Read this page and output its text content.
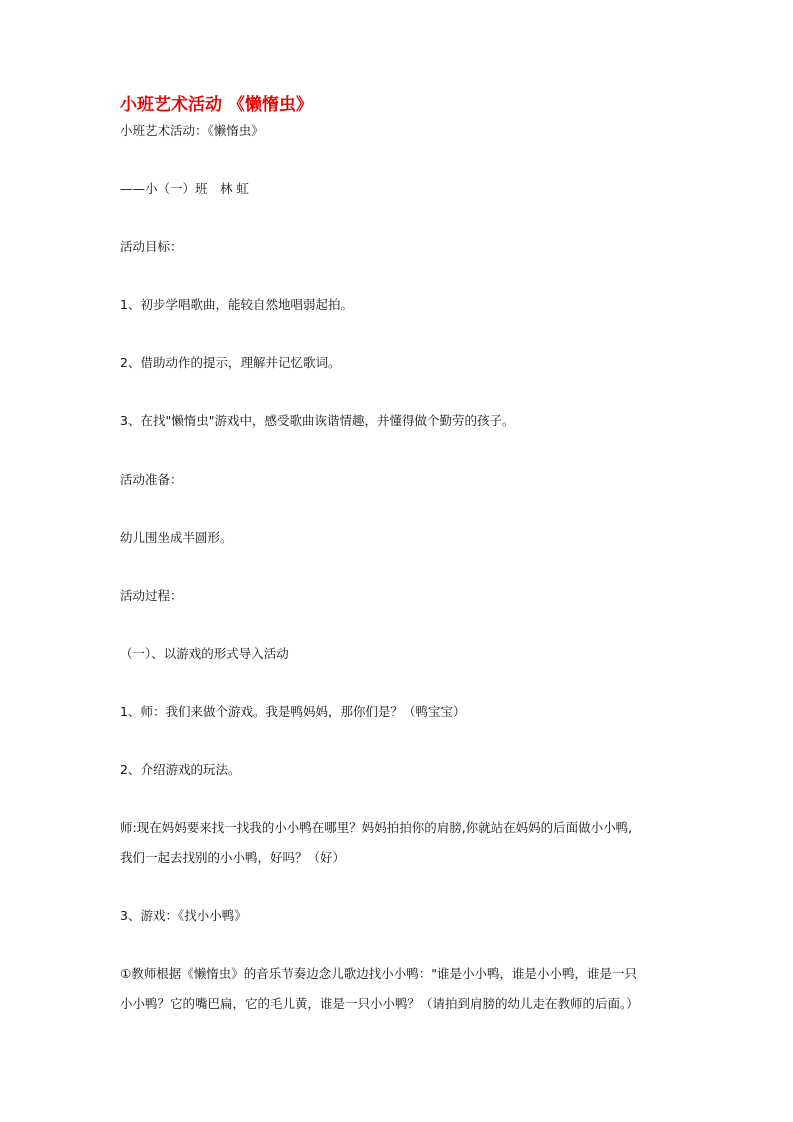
小班艺术活动 《懒惰虫》
小班艺术活动：《懒惰虫》
——小（一）班　林 虹
活动目标：
1、初步学唱歌曲，能较自然地唱弱起拍。
2、借助动作的提示，理解并记忆歌词。
3、在找"懒惰虫"游戏中，感受歌曲诙谐情趣，并懂得做个勤劳的孩子。
活动准备：
幼儿围坐成半圆形。
活动过程：
（一）、以游戏的形式导入活动
1、师：我们来做个游戏。我是鸭妈妈，那你们是？（鸭宝宝）
2、介绍游戏的玩法。
师:现在妈妈要来找一找我的小小鸭在哪里？妈妈拍拍你的肩膀,你就站在妈妈的后面做小小鸭,
我们一起去找别的小小鸭，好吗？（好）
3、游戏：《找小小鸭》
①教师根据《懒惰虫》的音乐节奏边念儿歌边找小小鸭："谁是小小鸭，谁是小小鸭，谁是一只
小小鸭？它的嘴巴扁，它的毛儿黄，谁是一只小小鸭？（请拍到肩膀的幼儿走在教师的后面。）
